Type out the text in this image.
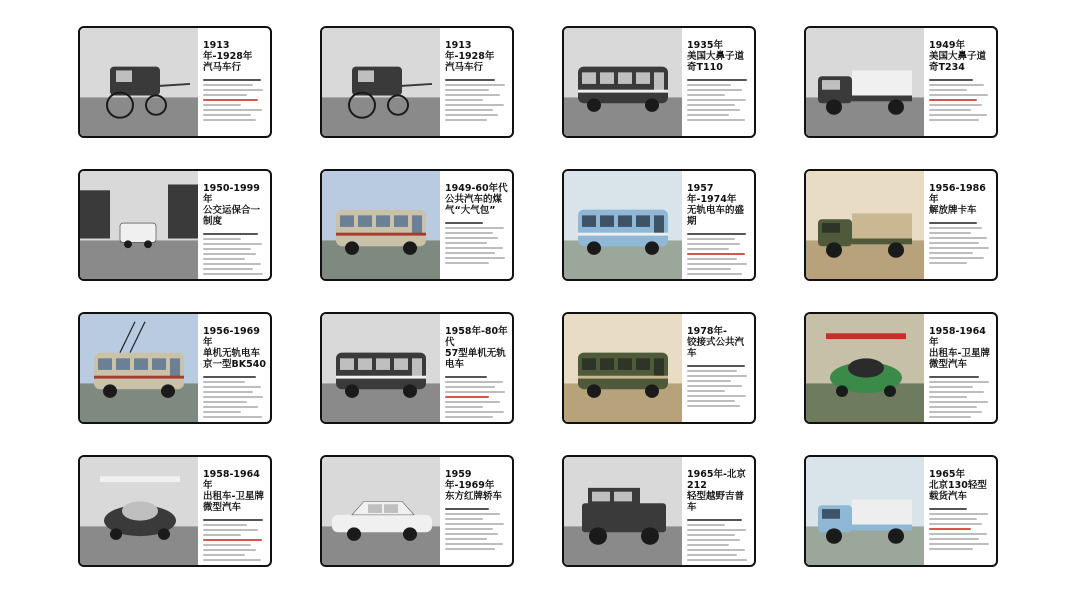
1913年-1928年
汽马车行
1913年-1928年
汽马车行
1935年
美国大鼻子道奇T110
1949年
美国大鼻子道奇T234
1950-1999年
公交运保合一制度
1949-60年代
公共汽车的煤气“大气包”
1957年-1974年
无轨电车的盛期
1956-1986年
解放牌卡车
1956-1969年
单机无轨电车
京一型BK540
1958年-80年代
57型单机无轨电车
1978年-
铰接式公共汽车
1958-1964年
出租车-卫星牌微型汽车
1958-1964年
出租车-卫星牌微型汽车
1959年-1969年
东方红牌轿车
1965年-北京212
轻型越野吉普车
1965年
北京130轻型载货汽车
